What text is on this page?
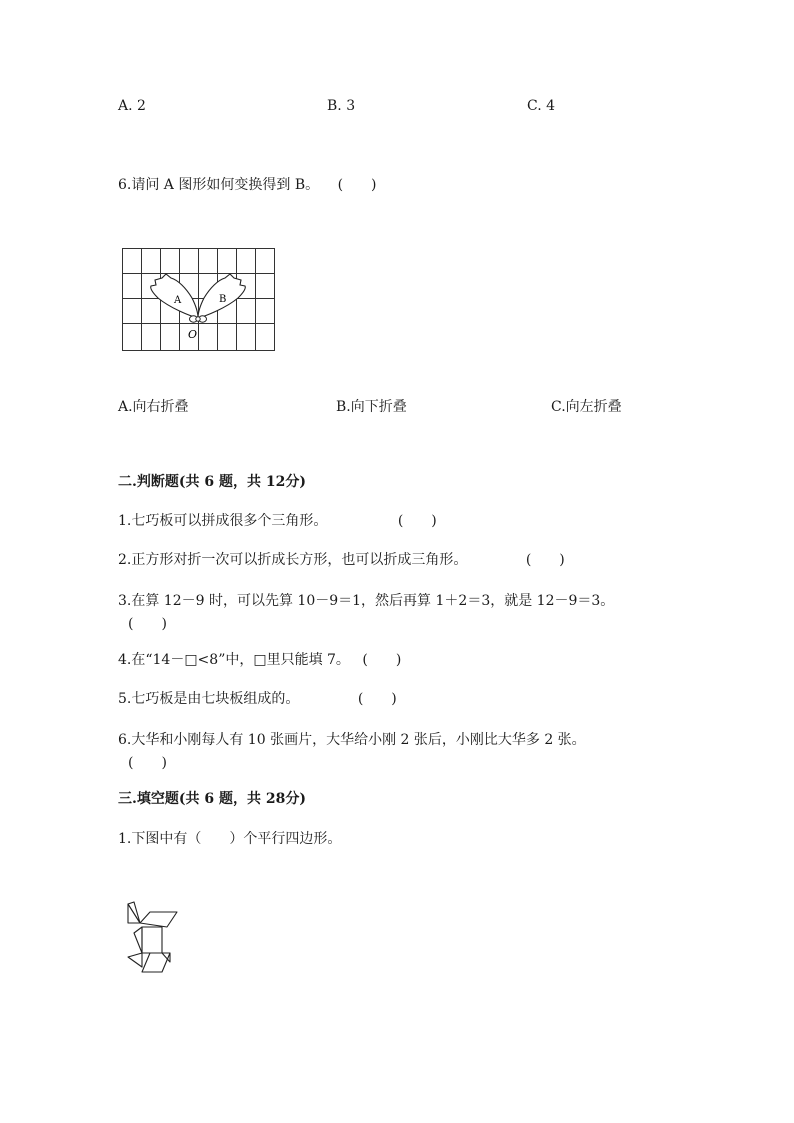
A. 2	B. 3	C. 4
6.请问 A 图形如何变换得到 B。 (　　)
A	B
O
A.向右折叠	B.向下折叠	C.向左折叠
二.判断题(共 6 题，共 12分)
1.七巧板可以拼成很多个三角形。	(　　)
2.正方形对折一次可以折成长方形，也可以折成三角形。	(　　)
3.在算 12－9 时，可以先算 10－9＝1，然后再算 1＋2＝3，就是 12－9＝3。
(　　)
4.在“14－□<8”中，□里只能填 7。 (　　)
5.七巧板是由七块板组成的。	(　　)
6.大华和小刚每人有 10 张画片，大华给小刚 2 张后，小刚比大华多 2 张。
(　　)
三.填空题(共 6 题，共 28分)
1.下图中有（　　）个平行四边形。
